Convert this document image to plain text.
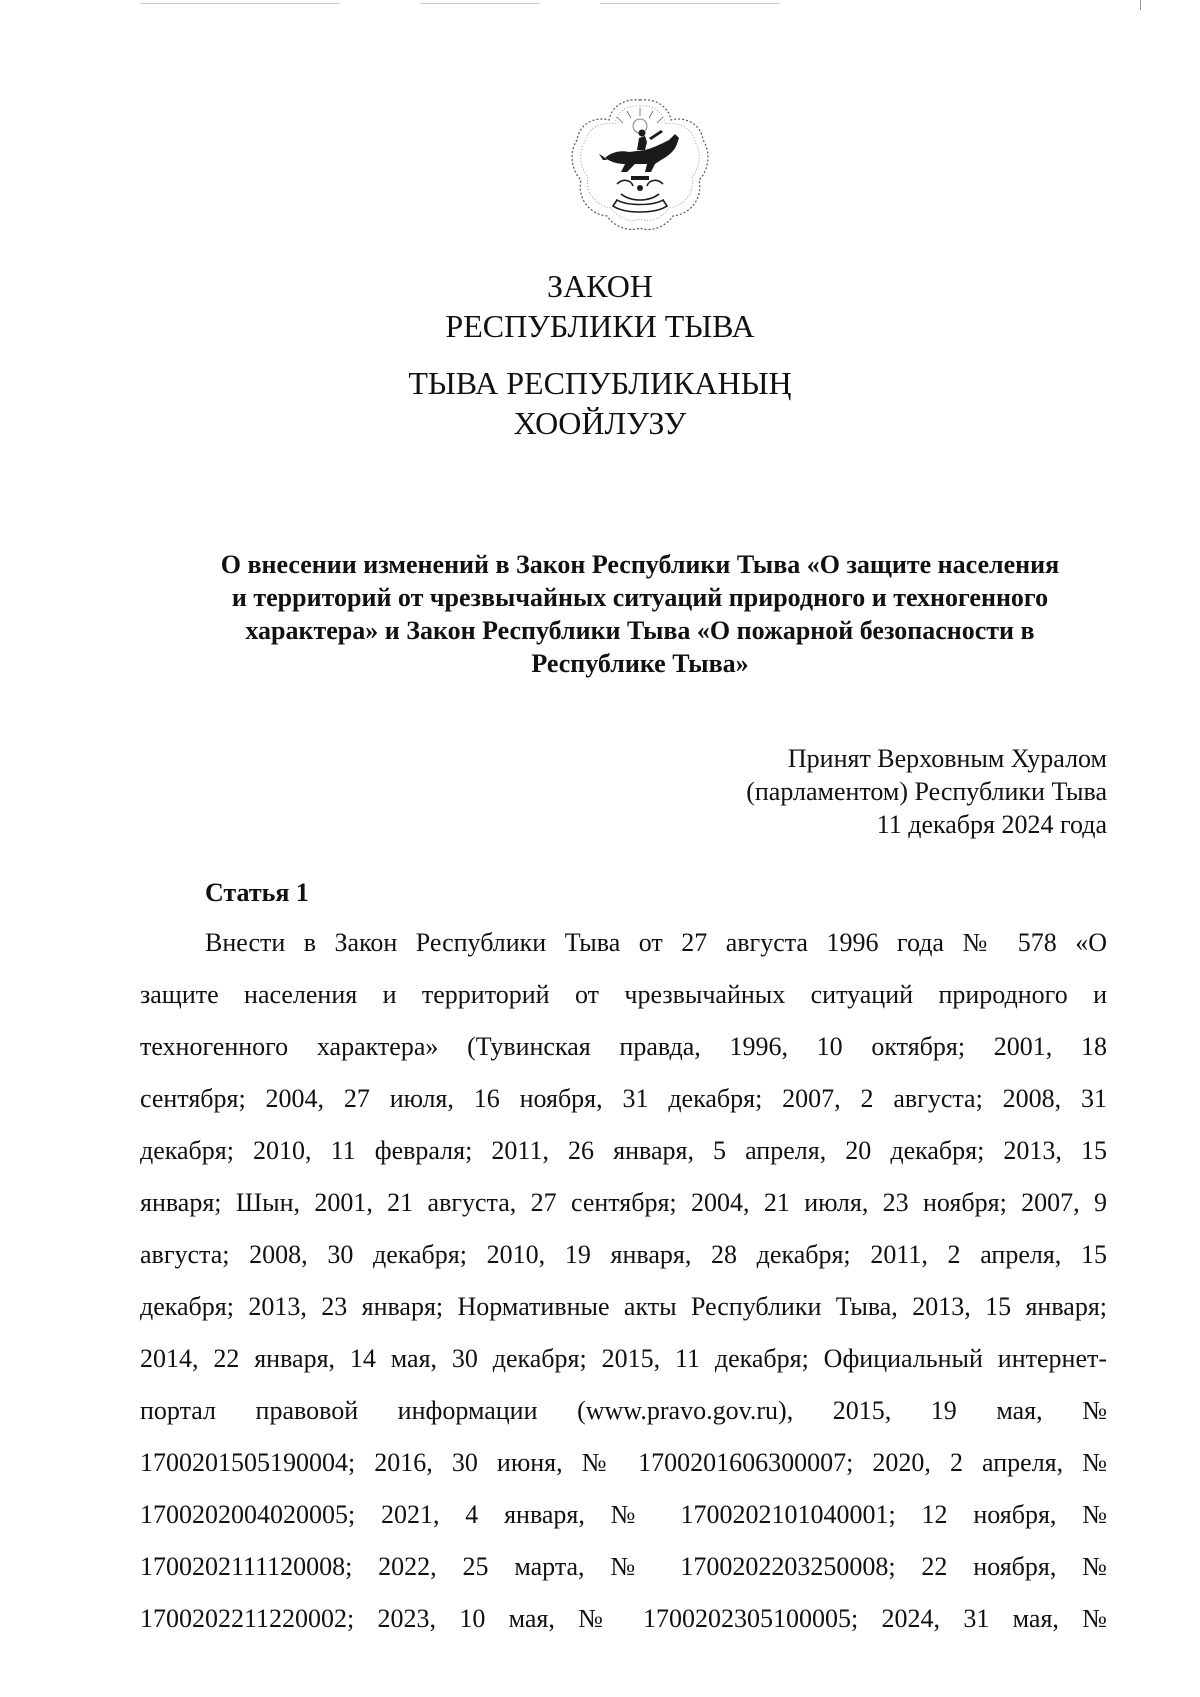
ЗАКОН
РЕСПУБЛИКИ ТЫВА
ТЫВА РЕСПУБЛИКАНЫҢ
ХООЙЛУЗУ
О внесении изменений в Закон Республики Тыва «О защите населения
и территорий от чрезвычайных ситуаций природного и техногенного
характера» и Закон Республики Тыва «О пожарной безопасности в
Республике Тыва»
Принят Верховным Хуралом
(парламентом) Республики Тыва
11 декабря 2024 года
Статья 1
Внести в Закон Республики Тыва от 27 августа 1996 года № 578 «О
защите населения и территорий от чрезвычайных ситуаций природного и
техногенного характера» (Тувинская правда, 1996, 10 октября; 2001, 18
сентября; 2004, 27 июля, 16 ноября, 31 декабря; 2007, 2 августа; 2008, 31
декабря; 2010, 11 февраля; 2011, 26 января, 5 апреля, 20 декабря; 2013, 15
января; Шын, 2001, 21 августа, 27 сентября; 2004, 21 июля, 23 ноября; 2007, 9
августа; 2008, 30 декабря; 2010, 19 января, 28 декабря; 2011, 2 апреля, 15
декабря; 2013, 23 января; Нормативные акты Республики Тыва, 2013, 15 января;
2014, 22 января, 14 мая, 30 декабря; 2015, 11 декабря; Официальный интернет-
портал правовой информации (www.pravo.gov.ru), 2015, 19 мая, №
1700201505190004; 2016, 30 июня, № 1700201606300007; 2020, 2 апреля, №
1700202004020005; 2021, 4 января, № 1700202101040001; 12 ноября, №
1700202111120008; 2022, 25 марта, № 1700202203250008; 22 ноября, №
1700202211220002; 2023, 10 мая, № 1700202305100005; 2024, 31 мая, №
